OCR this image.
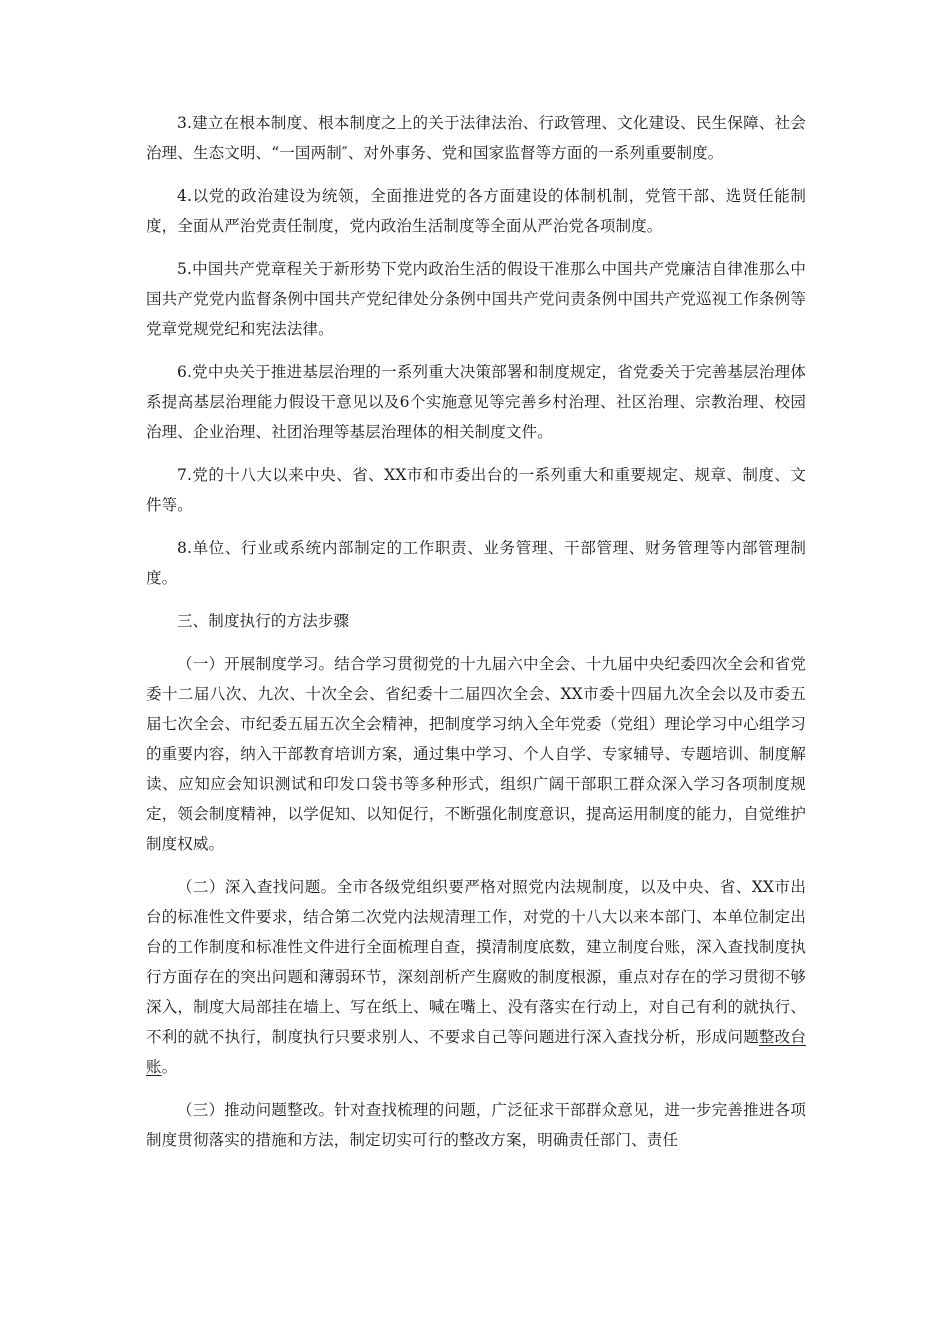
3.建立在根本制度、根本制度之上的关于法律法治、行政管理、文化建设、民生保障、社会治理、生态文明、“一国两制″、对外事务、党和国家监督等方面的一系列重要制度。

4.以党的政治建设为统领，全面推进党的各方面建设的体制机制，党管干部、选贤任能制度，全面从严治党责任制度，党内政治生活制度等全面从严治党各项制度。

5.中国共产党章程关于新形势下党内政治生活的假设干准那么中国共产党廉洁自律准那么中国共产党党内监督条例中国共产党纪律处分条例中国共产党问责条例中国共产党巡视工作条例等党章党规党纪和宪法法律。

6.党中央关于推进基层治理的一系列重大决策部署和制度规定，省党委关于完善基层治理体系提高基层治理能力假设干意见以及6个实施意见等完善乡村治理、社区治理、宗教治理、校园治理、企业治理、社团治理等基层治理体的相关制度文件。

7.党的十八大以来中央、省、XX市和市委出台的一系列重大和重要规定、规章、制度、文件等。

8.单位、行业或系统内部制定的工作职责、业务管理、干部管理、财务管理等内部管理制度。

三、制度执行的方法步骤

（一）开展制度学习。结合学习贯彻党的十九届六中全会、十九届中央纪委四次全会和省党委十二届八次、九次、十次全会、省纪委十二届四次全会、XX市委十四届九次全会以及市委五届七次全会、市纪委五届五次全会精神，把制度学习纳入全年党委（党组）理论学习中心组学习的重要内容，纳入干部教育培训方案，通过集中学习、个人自学、专家辅导、专题培训、制度解读、应知应会知识测试和印发口袋书等多种形式，组织广阔干部职工群众深入学习各项制度规定，领会制度精神，以学促知、以知促行，不断强化制度意识，提高运用制度的能力，自觉维护制度权威。

（二）深入查找问题。全市各级党组织要严格对照党内法规制度，以及中央、省、XX市出台的标准性文件要求，结合第二次党内法规清理工作，对党的十八大以来本部门、本单位制定出台的工作制度和标准性文件进行全面梳理自查，摸清制度底数，建立制度台账，深入查找制度执行方面存在的突出问题和薄弱环节，深刻剖析产生腐败的制度根源，重点对存在的学习贯彻不够深入，制度大局部挂在墙上、写在纸上、喊在嘴上、没有落实在行动上，对自己有利的就执行、不利的就不执行，制度执行只要求别人、不要求自己等问题进行深入查找分析，形成问题整改台账。

（三）推动问题整改。针对查找梳理的问题，广泛征求干部群众意见，进一步完善推进各项制度贯彻落实的措施和方法，制定切实可行的整改方案，明确责任部门、责任
